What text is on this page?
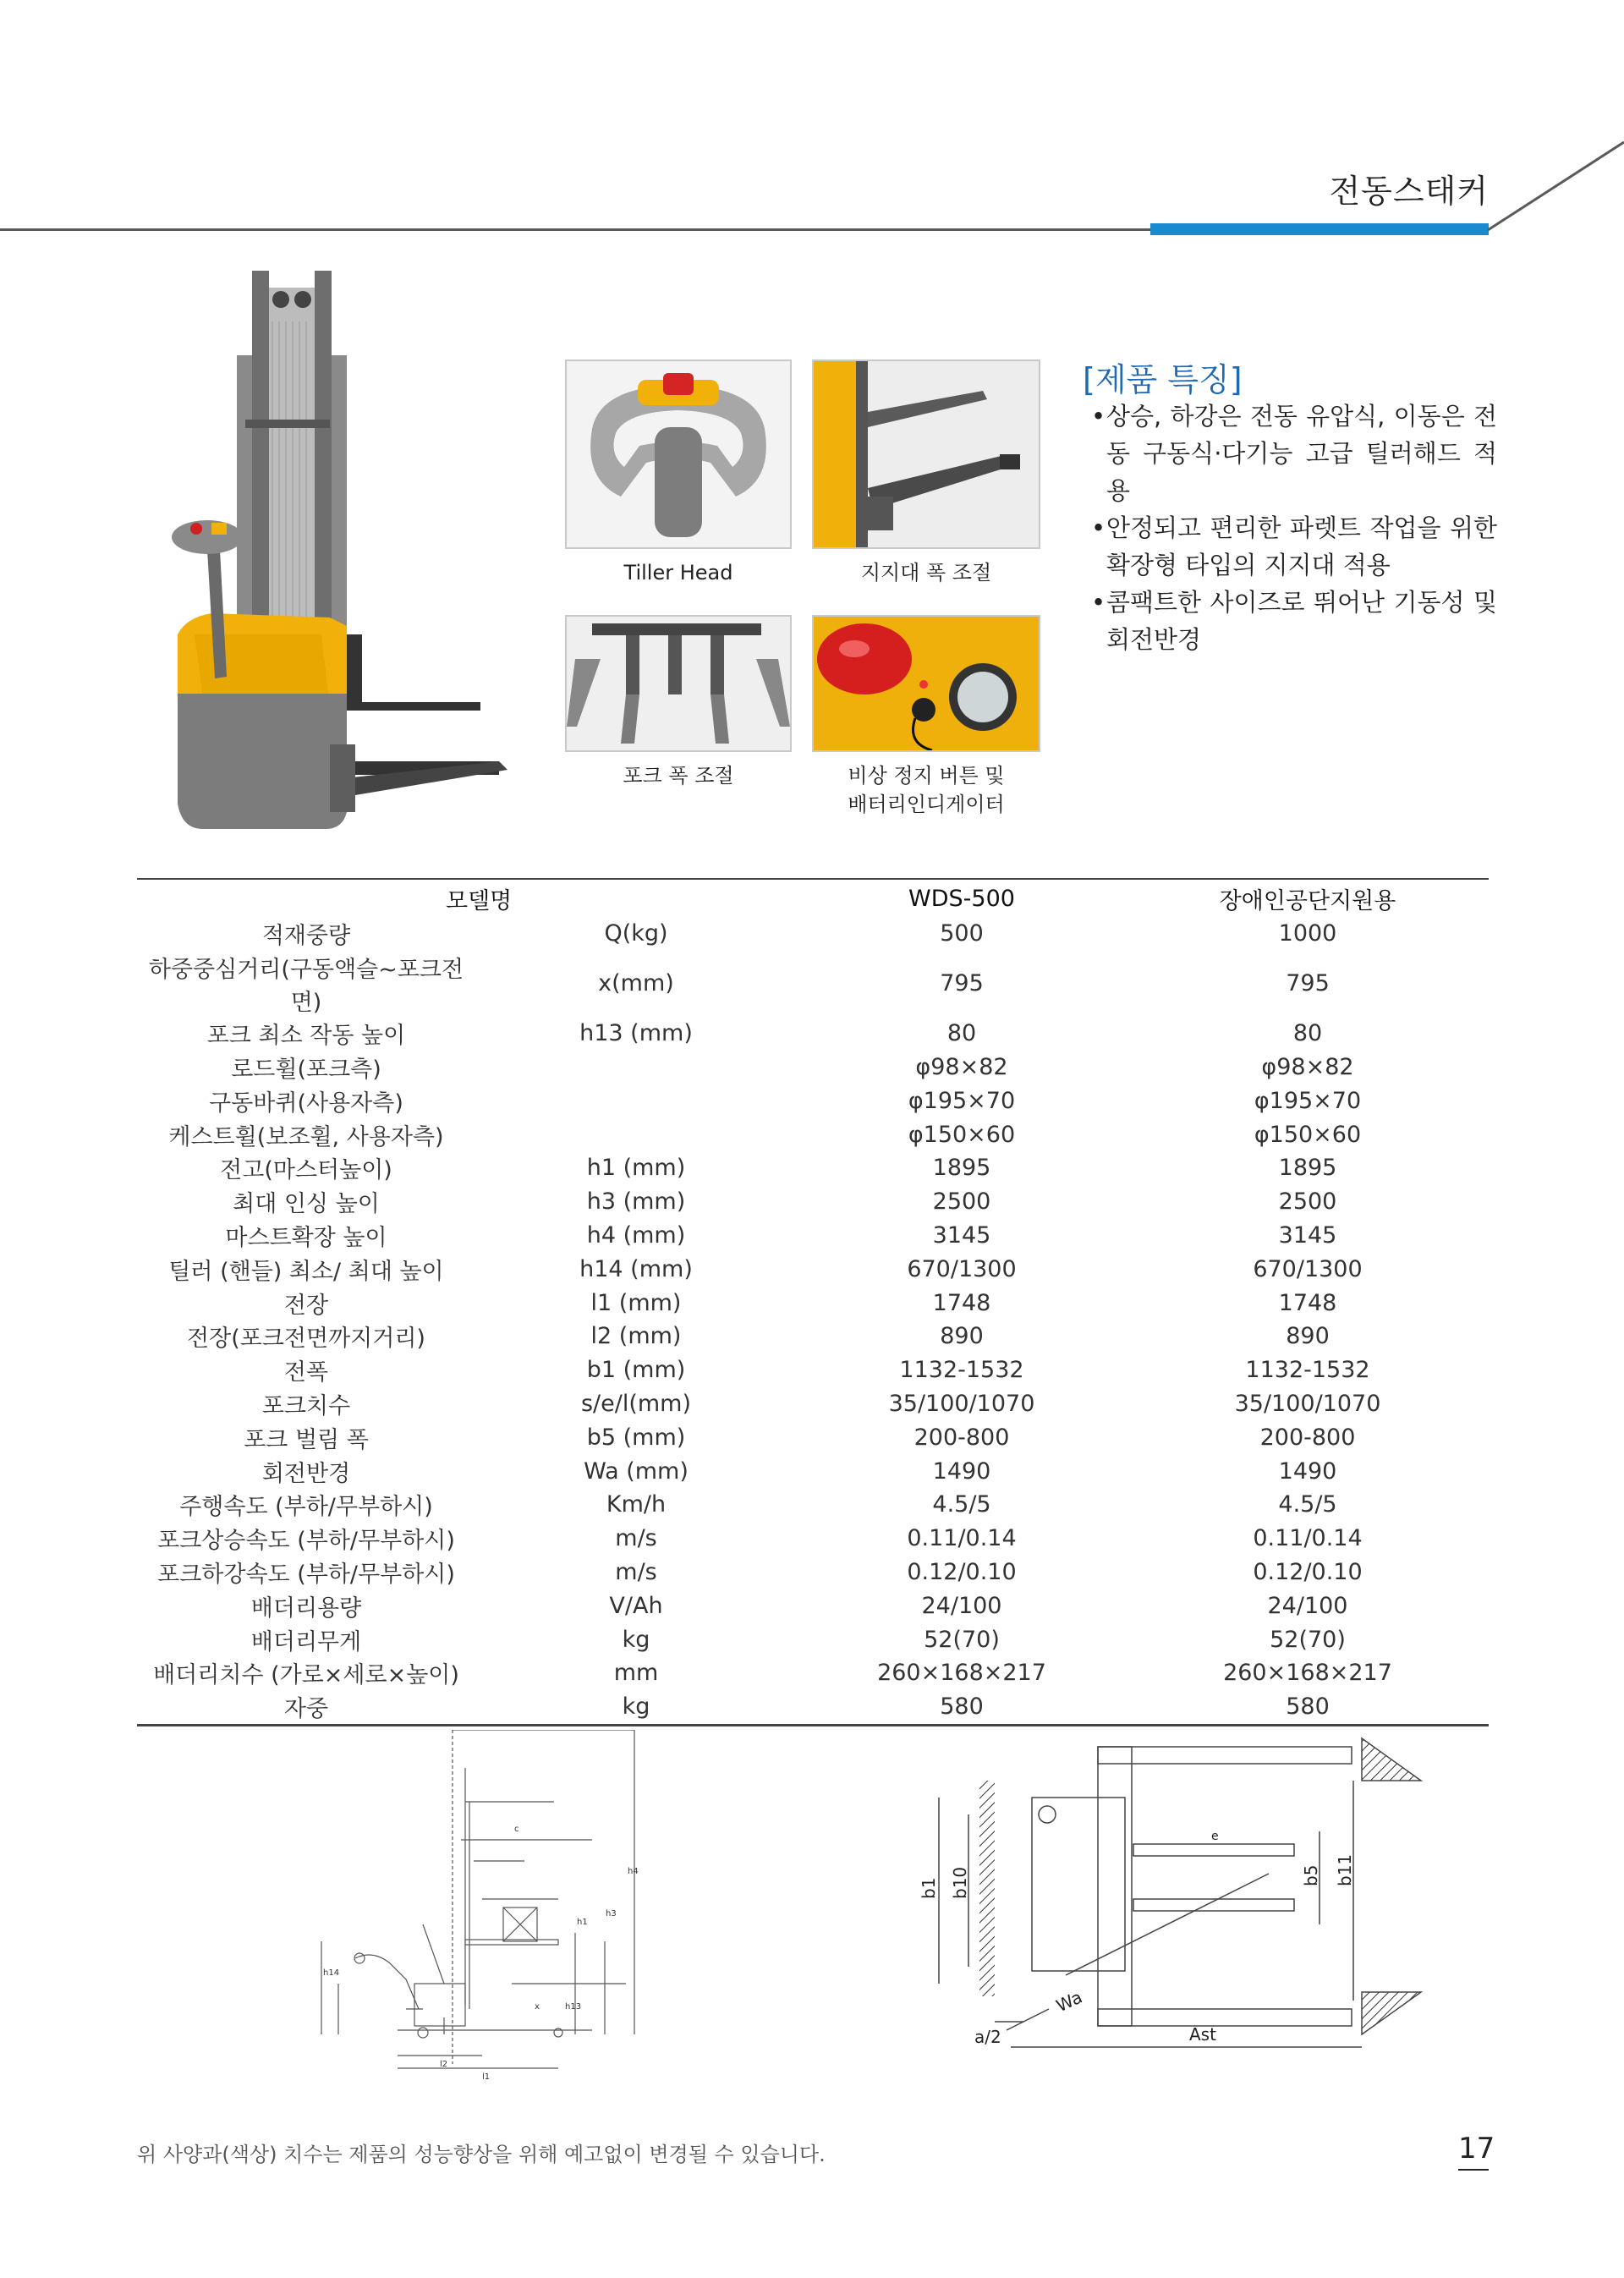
전동스태커
Tiller Head	지지대 폭 조절
포크 폭 조절	비상 정지 버튼 및
배터리인디게이터
[제품 특징]
• 상승, 하강은 전동 유압식, 이동은 전동 구동식·다기능 고급 틸러해드 적용
• 안정되고 편리한 파렛트 작업을 위한 확장형 타입의 지지대 적용
• 콤팩트한 사이즈로 뛰어난 기동성 및 회전반경
	모델명		WDS-500	장애인공단지원용
	적재중량	Q(kg)	500	1000
	하중중심거리(구동액슬~포크전면)	x(mm)	795	795
	포크 최소 작동 높이	h13 (mm)	80	80
	로드휠(포크측)		φ98×82	φ98×82
	구동바퀴(사용자측)		φ195×70	φ195×70
	케스트휠(보조휠, 사용자측)		φ150×60	φ150×60
	전고(마스터높이)	h1 (mm)	1895	1895
	최대 인싱 높이	h3 (mm)	2500	2500
	마스트확장 높이	h4 (mm)	3145	3145
	틸러 (핸들) 최소/ 최대 높이	h14 (mm)	670/1300	670/1300
	전장	l1 (mm)	1748	1748
	전장(포크전면까지거리)	l2 (mm)	890	890
	전폭	b1 (mm)	1132-1532	1132-1532
	포크치수	s/e/l(mm)	35/100/1070	35/100/1070
	포크 벌림 폭	b5 (mm)	200-800	200-800
	회전반경	Wa (mm)	1490	1490
	주행속도 (부하/무부하시)	Km/h	4.5/5	4.5/5
	포크상승속도 (부하/무부하시)	m/s	0.11/0.14	0.11/0.14
	포크하강속도 (부하/무부하시)	m/s	0.12/0.10	0.12/0.10
	배더리용량	V/Ah	24/100	24/100
	배더리무게	kg	52(70)	52(70)
	배더리치수 (가로×세로×높이)	mm	260×168×217	260×168×217
	자중	kg	580	580
c
x
h1
h3
h4
h13
h14
l2
l1
b1 b10	b5 b11
e
Wa
a/2	Ast
위 사양과(색상) 치수는 제품의 성능향상을 위해 예고없이 변경될 수 있습니다.	17
